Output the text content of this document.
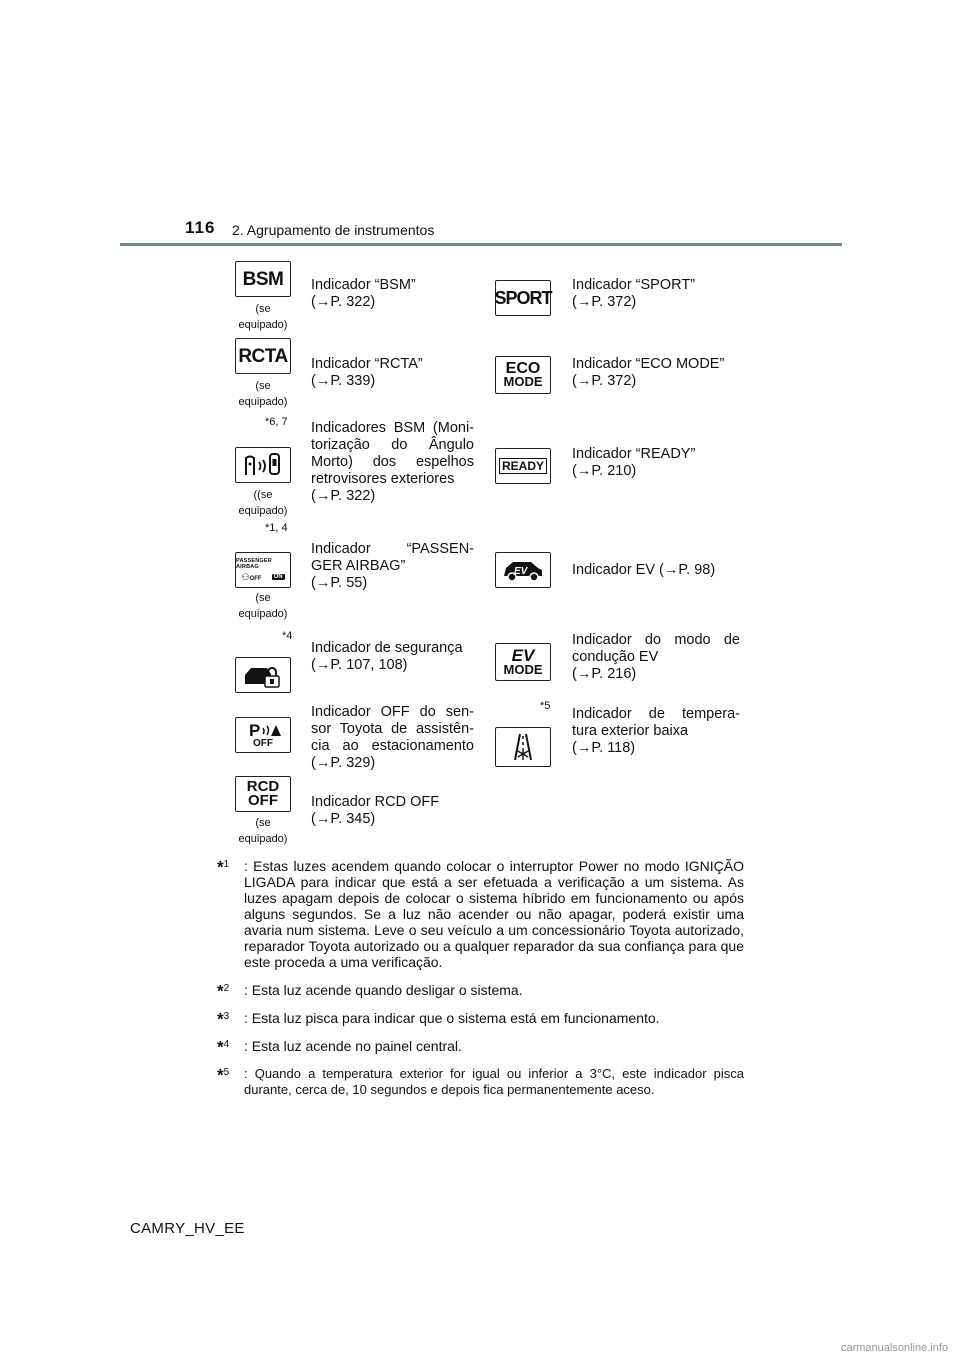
116 2. Agrupamento de instrumentos
BSM
(se
equipado)
Indicador “BSM”
(→P. 322)
RCTA
(se
equipado)
Indicador “RCTA”
(→P. 339)
*6, 7
((se
equipado)
Indicadores BSM (Moni-
torização do Ângulo
Morto) dos espelhos
retrovisores exteriores
(→P. 322)
*1, 4
PASSENGER AIRBAG
⚇OFF	ON
(se
equipado)
Indicador “PASSEN-
GER AIRBAG”
(→P. 55)
*4
Indicador de segurança
(→P. 107, 108)
P
OFF
Indicador OFF do sen-
sor Toyota de assistên-
cia ao estacionamento
(→P. 329)
RCD
OFF
(se
equipado)
Indicador RCD OFF
(→P. 345)
SPORT
Indicador “SPORT”
(→P. 372)
ECO
MODE
Indicador “ECO MODE”
(→P. 372)
READY
Indicador “READY”
(→P. 210)
EV	Indicador EV (→P. 98)
EV
MODE
Indicador do modo de
condução EV
(→P. 216)
*5 Indicador de tempera-
tura exterior baixa
(→P. 118)
*$^1$ : Estas luzes acendem quando colocar o interruptor Power no modo IGNIÇÃO LIGADA para indicar que está a ser efetuada a verificação a um sistema. As luzes apagam depois de colocar o sistema híbrido em funcionamento ou após alguns segundos. Se a luz não acender ou não apagar, poderá existir uma avaria num sistema. Leve o seu veículo a um concessionário Toyota autorizado, reparador Toyota autorizado ou a qualquer reparador da sua confiança para que este proceda a uma verificação.
*$^2$ : Esta luz acende quando desligar o sistema.
*$^3$ : Esta luz pisca para indicar que o sistema está em funcionamento.
*$^4$ : Esta luz acende no painel central.
*$^5$ : Quando a temperatura exterior for igual ou inferior a 3°C, este indicador pisca durante, cerca de, 10 segundos e depois fica permanentemente aceso.
CAMRY_HV_EE
carmanualsonline.info
